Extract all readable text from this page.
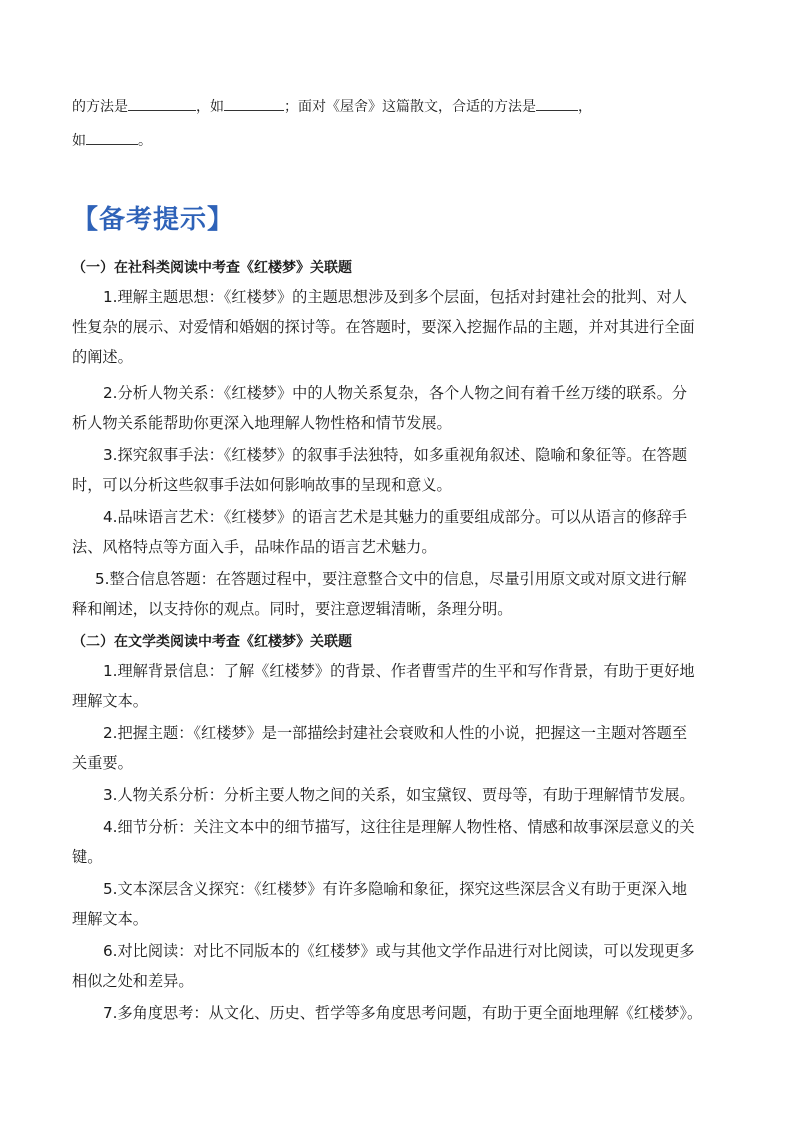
的方法是	，如	；面对《屋舍》这篇散文，合适的方法是	，
如	。
【备考提示】
（一）在社科类阅读中考查《红楼梦》关联题
1.理解主题思想：《红楼梦》的主题思想涉及到多个层面，包括对封建社会的批判、对人
性复杂的展示、对爱情和婚姻的探讨等。在答题时，要深入挖掘作品的主题，并对其进行全面
的阐述。
2.分析人物关系：《红楼梦》中的人物关系复杂，各个人物之间有着千丝万缕的联系。分
析人物关系能帮助你更深入地理解人物性格和情节发展。
3.探究叙事手法：《红楼梦》的叙事手法独特，如多重视角叙述、隐喻和象征等。在答题
时，可以分析这些叙事手法如何影响故事的呈现和意义。
4.品味语言艺术：《红楼梦》的语言艺术是其魅力的重要组成部分。可以从语言的修辞手
法、风格特点等方面入手，品味作品的语言艺术魅力。
5.整合信息答题：在答题过程中，要注意整合文中的信息，尽量引用原文或对原文进行解
释和阐述，以支持你的观点。同时，要注意逻辑清晰，条理分明。
（二）在文学类阅读中考查《红楼梦》关联题
1.理解背景信息：了解《红楼梦》的背景、作者曹雪芹的生平和写作背景，有助于更好地
理解文本。
2.把握主题：《红楼梦》是一部描绘封建社会衰败和人性的小说，把握这一主题对答题至
关重要。
3.人物关系分析：分析主要人物之间的关系，如宝黛钗、贾母等，有助于理解情节发展。
4.细节分析：关注文本中的细节描写，这往往是理解人物性格、情感和故事深层意义的关
键。
5.文本深层含义探究：《红楼梦》有许多隐喻和象征，探究这些深层含义有助于更深入地
理解文本。
6.对比阅读：对比不同版本的《红楼梦》或与其他文学作品进行对比阅读，可以发现更多
相似之处和差异。
7.多角度思考：从文化、历史、哲学等多角度思考问题，有助于更全面地理解《红楼梦》。
